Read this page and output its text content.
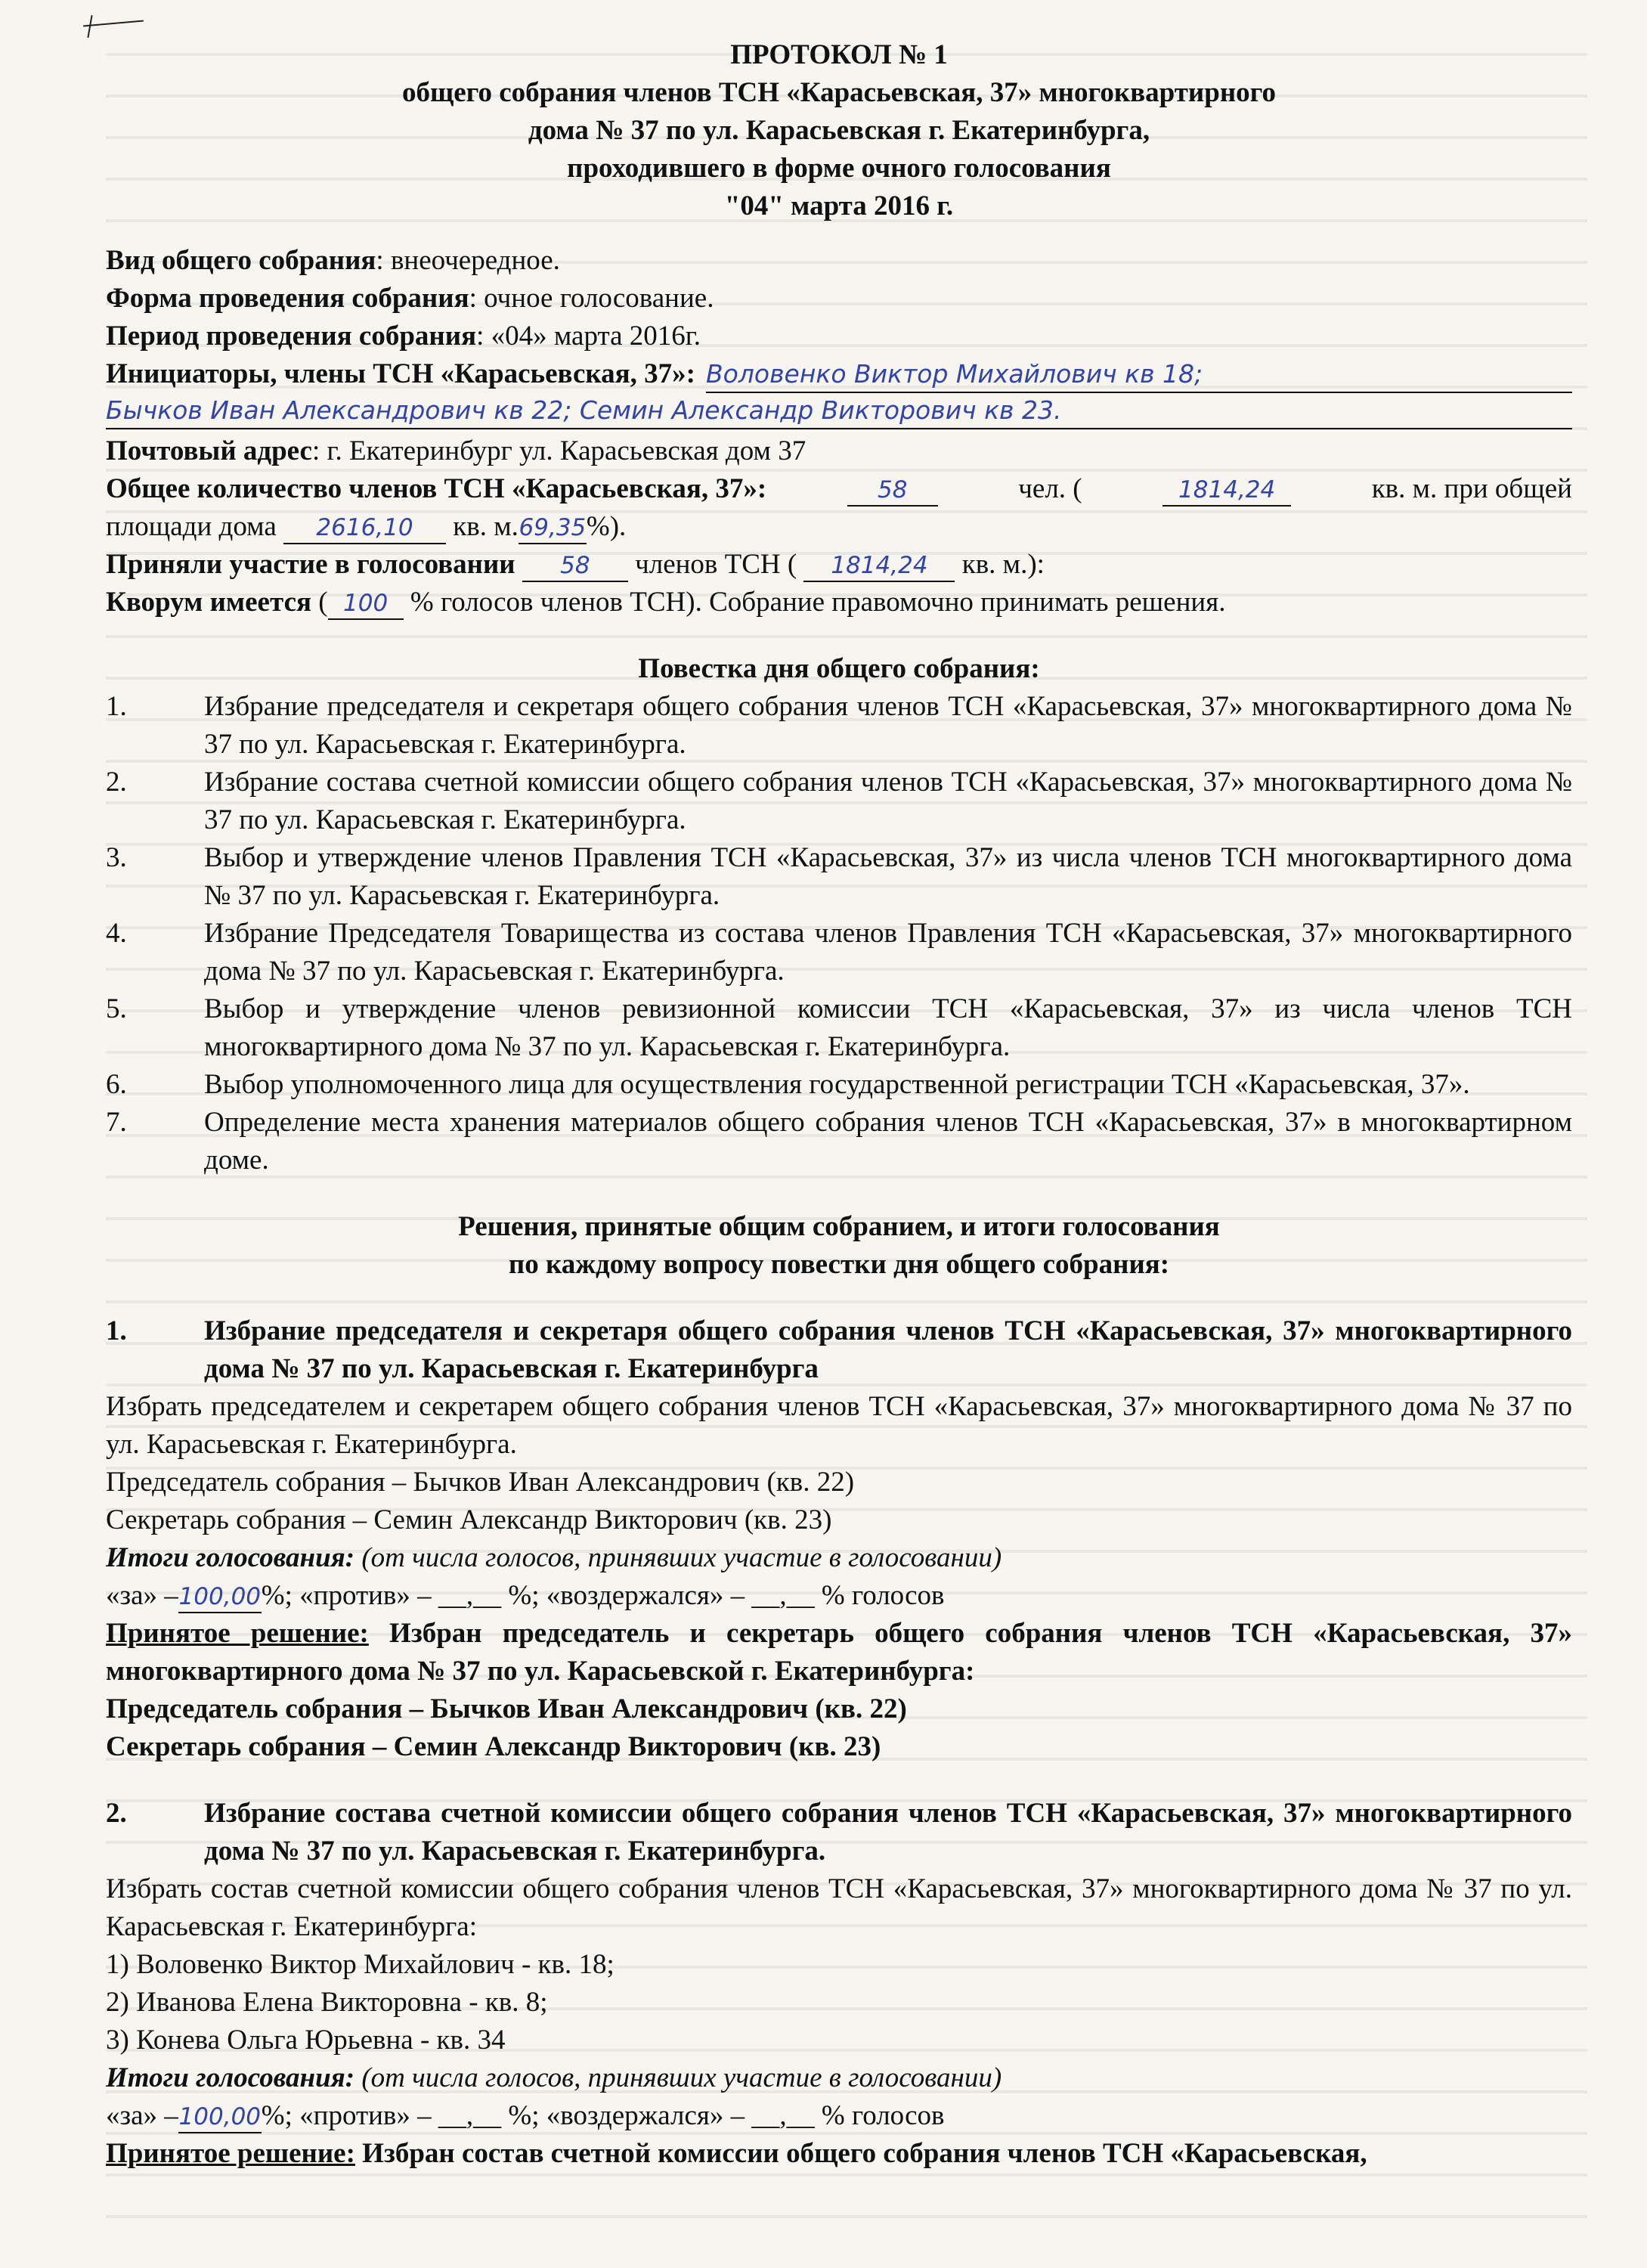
ПРОТОКОЛ № 1
общего собрания членов ТСН «Карасьевская, 37» многоквартирного
дома № 37 по ул. Карасьевская г. Екатеринбурга,
проходившего в форме очного голосования
"04" марта 2016 г.
Вид общего собрания: внеочередное.
Форма проведения собрания: очное голосование.
Период проведения собрания: «04» марта 2016г.
Инициаторы, члены ТСН «Карасьевская, 37»: Воловенко Виктор Михайлович кв 18;
Бычков Иван Александрович кв 22; Семин Александр Викторович кв 23.
Почтовый адрес: г. Екатеринбург ул. Карасьевская дом 37
Общее количество членов ТСН «Карасьевская, 37»:	58	чел. (	1814,24	кв. м. при общей
площади дома 2616,10 кв. м.69,35%).
Приняли участие в голосовании 58 членов ТСН ( 1814,24 кв. м.):
Кворум имеется ( 100 % голосов членов ТСН). Собрание правомочно принимать решения.
Повестка дня общего собрания:
1.	Избрание председателя и секретаря общего собрания членов ТСН «Карасьевская, 37» многоквартирного дома № 37 по ул. Карасьевская г. Екатеринбурга.
2.	Избрание состава счетной комиссии общего собрания членов ТСН «Карасьевская, 37» многоквартирного дома № 37 по ул. Карасьевская г. Екатеринбурга.
3.	Выбор и утверждение членов Правления ТСН «Карасьевская, 37» из числа членов ТСН многоквартирного дома № 37 по ул. Карасьевская г. Екатеринбурга.
4.	Избрание Председателя Товарищества из состава членов Правления ТСН «Карасьевская, 37» многоквартирного дома № 37 по ул. Карасьевская г. Екатеринбурга.
5.	Выбор и утверждение членов ревизионной комиссии ТСН «Карасьевская, 37» из числа членов ТСН многоквартирного дома № 37 по ул. Карасьевская г. Екатеринбурга.
6.	Выбор уполномоченного лица для осуществления государственной регистрации ТСН «Карасьевская, 37».
7.	Определение места хранения материалов общего собрания членов ТСН «Карасьевская, 37» в многоквартирном доме.
Решения, принятые общим собранием, и итоги голосования
по каждому вопросу повестки дня общего собрания:
1.	Избрание председателя и секретаря общего собрания членов ТСН «Карасьевская, 37» многоквартирного дома № 37 по ул. Карасьевская г. Екатеринбурга
Избрать председателем и секретарем общего собрания членов ТСН «Карасьевская, 37» многоквартирного дома № 37 по ул. Карасьевская г. Екатеринбурга.
Председатель собрания – Бычков Иван Александрович (кв. 22)
Секретарь собрания – Семин Александр Викторович (кв. 23)
Итоги голосования: (от числа голосов, принявших участие в голосовании)
«за» –100,00%; «против» – __,__ %; «воздержался» – __,__ % голосов
Принятое решение: Избран председатель и секретарь общего собрания членов ТСН «Карасьевская, 37» многоквартирного дома № 37 по ул. Карасьевской г. Екатеринбурга:
Председатель собрания – Бычков Иван Александрович (кв. 22)
Секретарь собрания – Семин Александр Викторович (кв. 23)
2.	Избрание состава счетной комиссии общего собрания членов ТСН «Карасьевская, 37» многоквартирного дома № 37 по ул. Карасьевская г. Екатеринбурга.
Избрать состав счетной комиссии общего собрания членов ТСН «Карасьевская, 37» многоквартирного дома № 37 по ул. Карасьевская г. Екатеринбурга:
1) Воловенко Виктор Михайлович - кв. 18;
2) Иванова Елена Викторовна - кв. 8;
3) Конева Ольга Юрьевна - кв. 34
Итоги голосования: (от числа голосов, принявших участие в голосовании)
«за» –100,00%; «против» – __,__ %; «воздержался» – __,__ % голосов
Принятое решение: Избран состав счетной комиссии общего собрания членов ТСН «Карасьевская,
